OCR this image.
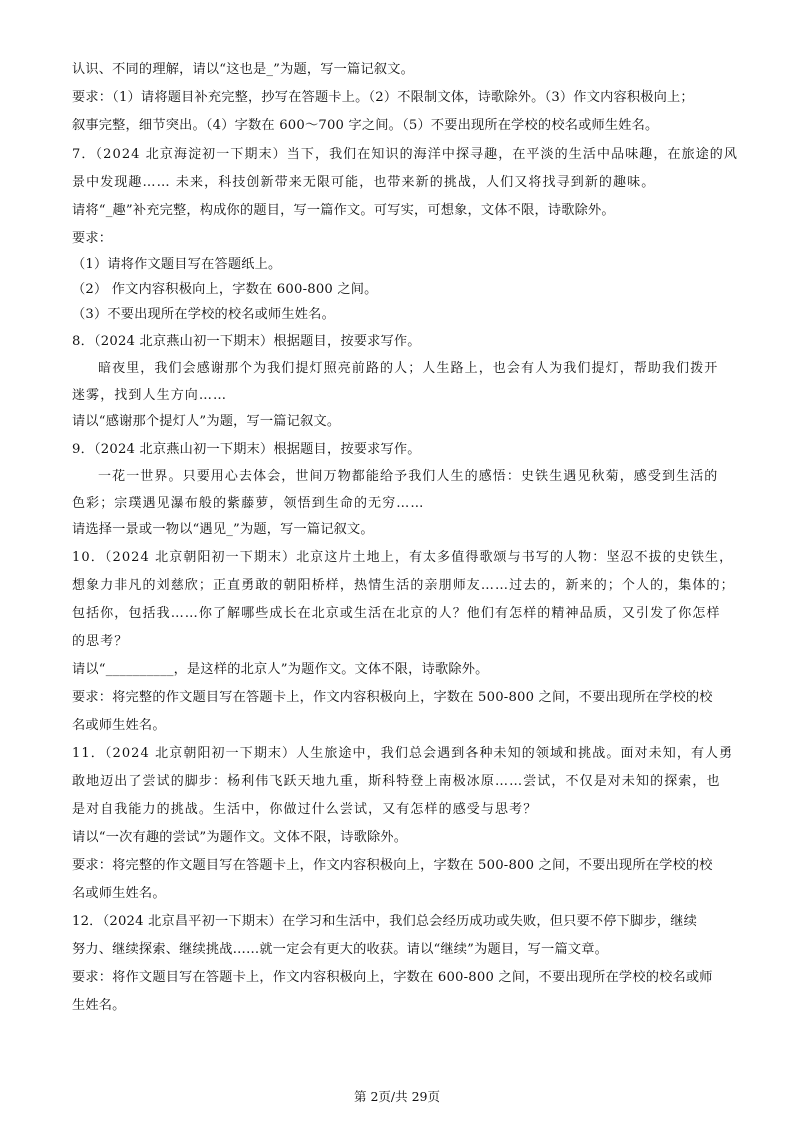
认识、不同的理解，请以“这也是_”为题，写一篇记叙文。
要求：（1）请将题目补充完整，抄写在答题卡上。（2）不限制文体，诗歌除外。（3）作文内容积极向上；
叙事完整，细节突出。（4）字数在 600～700 字之间。（5）不要出现所在学校的校名或师生姓名。
7．（2024 北京海淀初一下期末）当下，我们在知识的海洋中探寻趣，在平淡的生活中品味趣，在旅途的风
景中发现趣…… 未来，科技创新带来无限可能，也带来新的挑战，人们又将找寻到新的趣味。
请将“_趣”补充完整，构成你的题目，写一篇作文。可写实，可想象，文体不限，诗歌除外。
要求：
（1）请将作文题目写在答题纸上。
（2） 作文内容积极向上，字数在 600-800 之间。
（3）不要出现所在学校的校名或师生姓名。
8．（2024 北京燕山初一下期末）根据题目，按要求写作。
暗夜里，我们会感谢那个为我们提灯照亮前路的人；人生路上，也会有人为我们提灯，帮助我们拨开
迷雾，找到人生方向……
请以“感谢那个提灯人”为题，写一篇记叙文。
9．（2024 北京燕山初一下期末）根据题目，按要求写作。
一花一世界。只要用心去体会，世间万物都能给予我们人生的感悟：史铁生遇见秋菊，感受到生活的
色彩；宗璞遇见瀑布般的紫藤萝，领悟到生命的无穷……
请选择一景或一物以“遇见_”为题，写一篇记叙文。
10．（2024 北京朝阳初一下期末）北京这片土地上，有太多值得歌颂与书写的人物：坚忍不拔的史铁生，
想象力非凡的刘慈欣；正直勇敢的朝阳桥样，热情生活的亲朋师友……过去的，新来的；个人的，集体的；
包括你，包括我……你了解哪些成长在北京或生活在北京的人？他们有怎样的精神品质，又引发了你怎样
的思考？
请以“__________，是这样的北京人”为题作文。文体不限，诗歌除外。
要求：将完整的作文题目写在答题卡上，作文内容积极向上，字数在 500-800 之间，不要出现所在学校的校
名或师生姓名。
11．（2024 北京朝阳初一下期末）人生旅途中，我们总会遇到各种未知的领域和挑战。面对未知，有人勇
敢地迈出了尝试的脚步：杨利伟飞跃天地九重，斯科特登上南极冰原……尝试，不仅是对未知的探索，也
是对自我能力的挑战。生活中，你做过什么尝试，又有怎样的感受与思考？
请以“一次有趣的尝试”为题作文。文体不限，诗歌除外。
要求：将完整的作文题目写在答题卡上，作文内容积极向上，字数在 500-800 之间，不要出现所在学校的校
名或师生姓名。
12．（2024 北京昌平初一下期末）在学习和生活中，我们总会经历成功或失败，但只要不停下脚步，继续
努力、继续探索、继续挑战……就一定会有更大的收获。请以“继续”为题目，写一篇文章。
要求：将作文题目写在答题卡上，作文内容积极向上，字数在 600-800 之间，不要出现所在学校的校名或师
生姓名。
第 2页/共 29页
